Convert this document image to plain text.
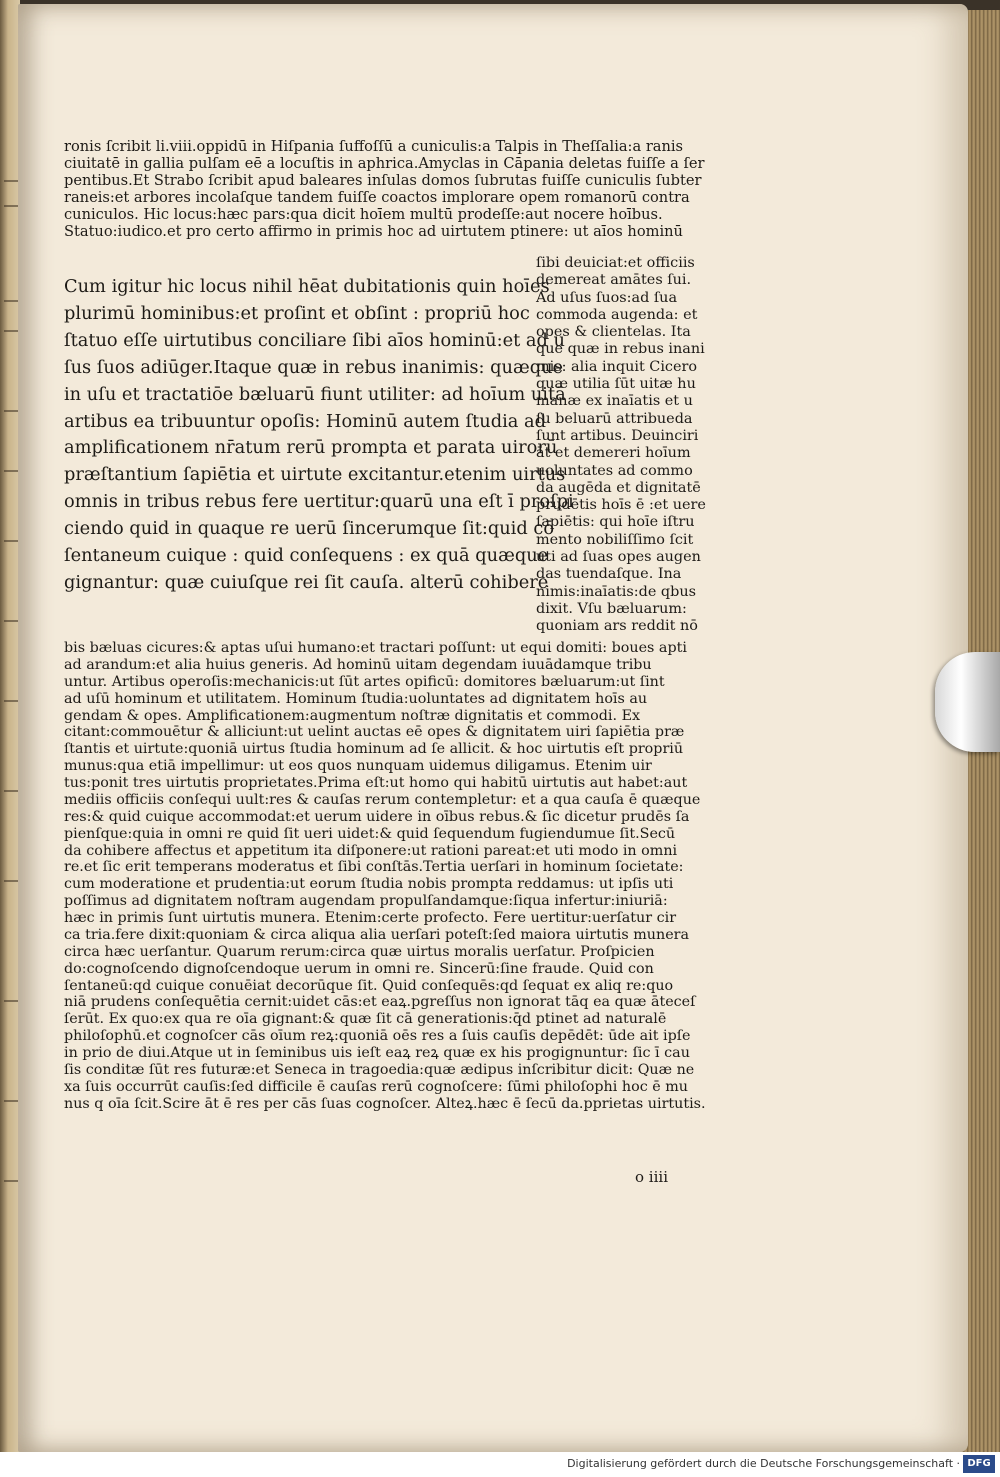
ronis ſcribit li.viii.oppidū in Hiſpania ſuffoſſū a cuniculis:a Talpis in Theſſalia:a ranis
ciuitatē in gallia pulſam eē a locuſtis in aphrica.Amyclas in Cāpania deletas fuiſſe a ſer
pentibus.Et Strabo ſcribit apud baleares inſulas domos ſubrutas fuiſſe cuniculis ſubter
raneis:et arbores incolaſque tandem fuiſſe coactos implorare opem romanorū contra
cuniculos. Hic locus:hæc pars:qua dicit hoīem multū prodeſſe:aut nocere hoībus.
Statuo:iudico.et pro certo affirmo in primis hoc ad uirtutem ptinere: ut aīos hominū
Cum igitur hic locus nihil hēat dubitationis quin hoīes
plurimū hominibus:et proſint et obſint : propriū hoc
ſtatuo eſſe uirtutibus conciliare ſibi aīos hominū:et ad u
ſus ſuos adiūger.Itaque quæ in rebus inanimis: quæque
in uſu et tractatiōe bæluarū fiunt utiliter: ad hoīum uitā
artibus ea tribuuntur opoſis: Hominū autem ſtudia ad
amplificationem nr̄atum rerū prompta et parata uirorū
præſtantium ſapiētia et uirtute excitantur.etenim uirtus
omnis in tribus rebus fere uertitur:quarū una eſt ī proſpi
ciendo quid in quaque re uerū ſincerumque ſit:quid cō
ſentaneum cuique : quid conſequens : ex quā quæque
gignantur: quæ cuiuſque rei ſit cauſa. alterū cohibere
ſibi deuiciat:et officiis
demereat amātes ſui.
Ad uſus ſuos:ad ſua
commoda augenda: et
opes & clientelas. Ita
que quæ in rebus inani
mis: alia inquit Cicero
quæ utilia ſūt uitæ hu
manæ ex inaīatis et u
ſu beluarū attribueda
ſunt artibus. Deuinciri
āt et demereri hoīum
uoluntates ad commo
da augēda et dignitatē
prudētis hoīs ē :et uere
ſapiētis: qui hoīe iſtru
mento nobiliſſimo ſcit
uti ad ſuas opes augen
das tuendaſque. Ina
nimis:inaīatis:de qbus
dixit. Vſu bæluarum:
quoniam ars reddit nō
bis bæluas cicures:& aptas uſui humano:et tractari poſſunt: ut equi domiti: boues apti
ad arandum:et alia huius generis. Ad hominū uitam degendam iuuādamque tribu
untur. Artibus operoſis:mechanicis:ut ſūt artes opificū: domitores bæluarum:ut ſint
ad uſū hominum et utilitatem. Hominum ſtudia:uoluntates ad dignitatem hoīs au
gendam & opes. Amplificationem:augmentum noſtræ dignitatis et commodi. Ex
citant:commouētur & alliciunt:ut uelint auctas eē opes & dignitatem uiri ſapiētia præ
ſtantis et uirtute:quoniā uirtus ſtudia hominum ad ſe allicit. & hoc uirtutis eſt propriū
munus:qua etiā impellimur: ut eos quos nunquam uidemus diligamus. Etenim uir
tus:ponit tres uirtutis proprietates.Prima eſt:ut homo qui habitū uirtutis aut habet:aut
mediis officiis conſequi uult:res & cauſas rerum contempletur: et a qua cauſa ē quæque
res:& quid cuique accommodat:et uerum uidere in oībus rebus.& ſic dicetur prudēs ſa
pienſque:quia in omni re quid ſit ueri uidet:& quid ſequendum fugiendumue ſit.Secū
da cohibere affectus et appetitum ita diſponere:ut rationi pareat:et uti modo in omni
re.et ſic erit temperans moderatus et ſibi conſtās.Tertia uerſari in hominum ſocietate:
cum moderatione et prudentia:ut eorum ſtudia nobis prompta reddamus: ut ipſis uti
poſſimus ad dignitatem noſtram augendam propulſandamque:ſiqua infertur:iniuriā:
hæc in primis ſunt uirtutis munera. Etenim:certe profecto. Fere uertitur:uerſatur cir
ca tria.fere dixit:quoniam & circa aliqua alia uerſari poteſt:ſed maiora uirtutis munera
circa hæc uerſantur. Quarum rerum:circa quæ uirtus moralis uerſatur. Proſpicien
do:cognoſcendo dignoſcendoque uerum in omni re. Sincerū:ſine fraude. Quid con
ſentaneū:qd cuique conuēiat decorūque ſit. Quid conſequēs:qd ſequat ex aliq re:quo
niā prudens conſequētia cernit:uidet cās:et eaꝝ.pgreſſus non ignorat tāq ea quæ āteceſ
ſerūt. Ex quo:ex qua re oīa gignant:& quæ ſit cā generationis:q̄d ptinet ad naturalē
philoſophū.et cognoſcer cās oīum reꝝ:quoniā oēs res a ſuis cauſis depēdēt: ūde ait ipſe
in prio de diui.Atque ut in ſeminibus uis ieſt eaꝝ reꝝ quæ ex his progignuntur: ſic ī cau
ſis conditæ ſūt res futuræ:et Seneca in tragoedia:quæ ædipus inſcribitur dicit: Quæ ne
xa ſuis occurrūt cauſis:ſed difficile ē cauſas rerū cognoſcere: ſūmi philoſophi hoc ē mu
nus q oīa ſcit.Scire āt ē res per cās ſuas cognoſcer. Alteꝝ.hæc ē ſecū da.pprietas uirtutis.
o iiii
Digitalisierung gefördert durch die Deutsche Forschungsgemeinschaft · DFG
